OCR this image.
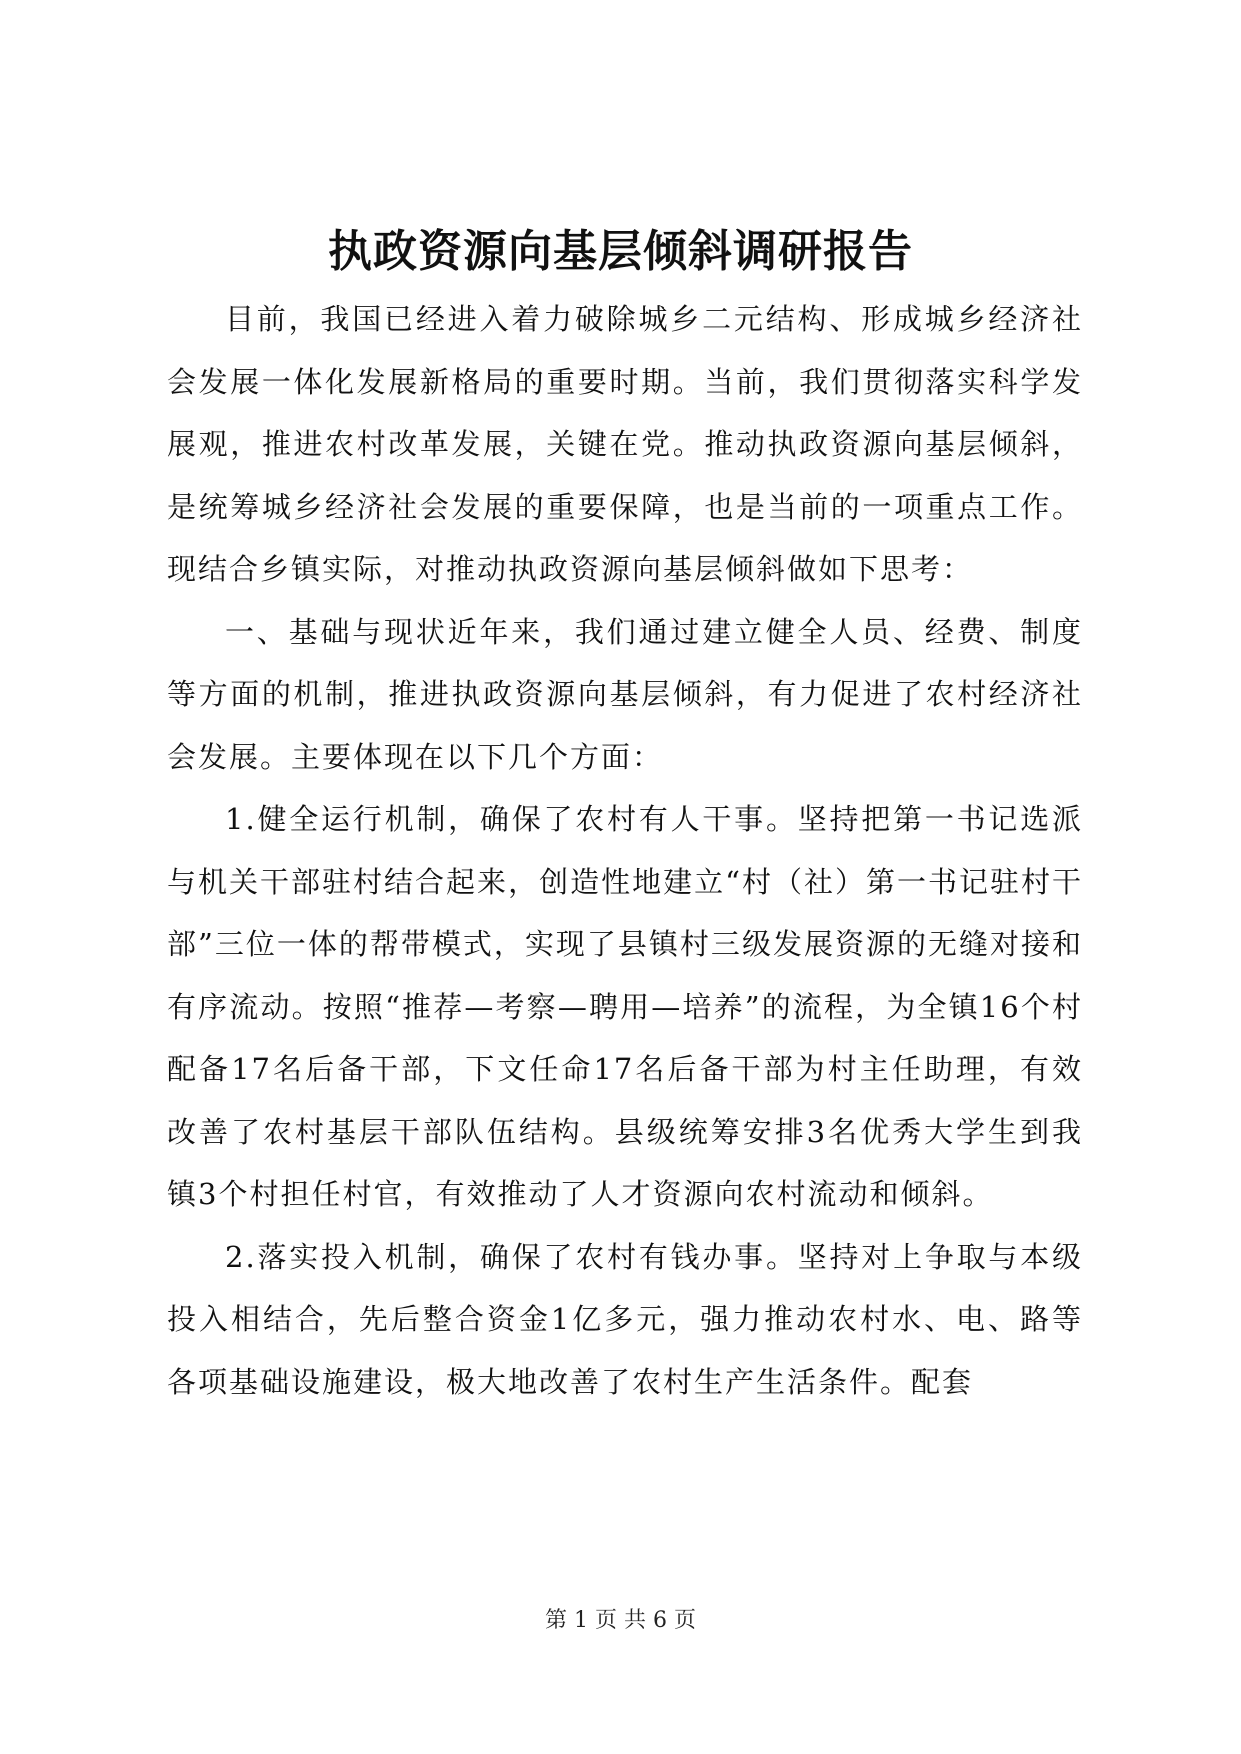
执政资源向基层倾斜调研报告

目前，我国已经进入着力破除城乡二元结构、形成城乡经济社会发展一体化发展新格局的重要时期。当前，我们贯彻落实科学发展观，推进农村改革发展，关键在党。推动执政资源向基层倾斜，是统筹城乡经济社会发展的重要保障，也是当前的一项重点工作。现结合乡镇实际，对推动执政资源向基层倾斜做如下思考：

一、基础与现状近年来，我们通过建立健全人员、经费、制度等方面的机制，推进执政资源向基层倾斜，有力促进了农村经济社会发展。主要体现在以下几个方面：

1.健全运行机制，确保了农村有人干事。坚持把第一书记选派与机关干部驻村结合起来，创造性地建立“村（社）第一书记驻村干部”三位一体的帮带模式，实现了县镇村三级发展资源的无缝对接和有序流动。按照“推荐—考察—聘用—培养”的流程，为全镇16个村配备17名后备干部，下文任命17名后备干部为村主任助理，有效改善了农村基层干部队伍结构。县级统筹安排3名优秀大学生到我镇3个村担任村官，有效推动了人才资源向农村流动和倾斜。

2.落实投入机制，确保了农村有钱办事。坚持对上争取与本级投入相结合，先后整合资金1亿多元，强力推动农村水、电、路等各项基础设施建设，极大地改善了农村生产生活条件。配套

第 1 页 共 6 页
